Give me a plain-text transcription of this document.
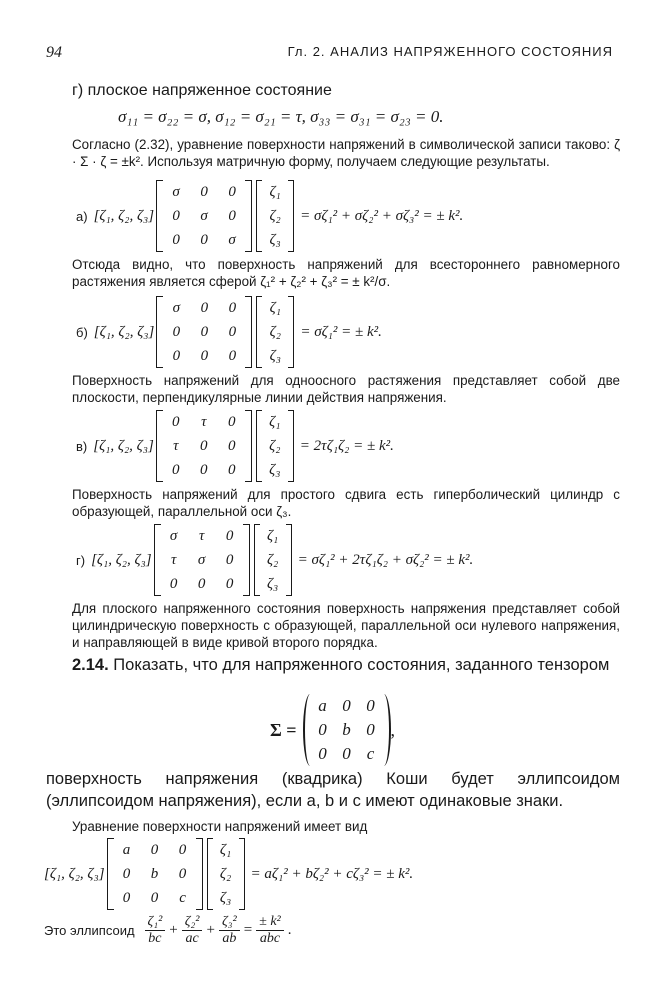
94	Гл. 2. АНАЛИЗ НАПРЯЖЕННОГО СОСТОЯНИЯ
г) плоское напряженное состояние
σ₁₁ = σ₂₂ = σ, σ₁₂ = σ₂₁ = τ, σ₃₃ = σ₃₁ = σ₂₃ = 0.
Согласно (2.32), уравнение поверхности напряжений в символической записи таково: ζ · Σ · ζ = ±k². Используя матричную форму, получаем следующие результаты.
а) [ζ₁, ζ₂, ζ₃]
σ	0	0
0	σ	0
0	0	σ
ζ₁
ζ₂
ζ₃
= σζ₁² + σζ₂² + σζ₃² = ± k².
Отсюда видно, что поверхность напряжений для всестороннего равномерного растяжения является сферой ζ₁² + ζ₂² + ζ₃² = ± k²/σ.
б) [ζ₁, ζ₂, ζ₃]
σ	0	0
0	0	0
0	0	0
ζ₁
ζ₂
ζ₃
= σζ₁² = ± k².
Поверхность напряжений для одноосного растяжения представляет собой две плоскости, перпендикулярные линии действия напряжения.
в) [ζ₁, ζ₂, ζ₃]
0	τ	0
τ	0	0
0	0	0
ζ₁
ζ₂
ζ₃
= 2τζ₁ζ₂ = ± k².
Поверхность напряжений для простого сдвига есть гиперболический цилиндр с образующей, параллельной оси ζ₃.
г) [ζ₁, ζ₂, ζ₃]
σ	τ	0
τ	σ	0
0	0	0
ζ₁
ζ₂
ζ₃
= σζ₁² + 2τζ₁ζ₂ + σζ₂² = ± k².
Для плоского напряженного состояния поверхность напряжения представляет собой цилиндрическую поверхность с образующей, параллельной оси нулевого напряжения, и направляющей в виде кривой второго порядка.
2.14. Показать, что для напряженного состояния, заданного тензором
Σ =
a 0 0
0 b 0
0 0 c
,
поверхность напряжения (квадрика) Коши будет эллипсоидом (эллипсоидом напряжения), если a, b и c имеют одинаковые знаки.
Уравнение поверхности напряжений имеет вид
[ζ₁, ζ₂, ζ₃]
a	0	0
0	b	0
0	0	c
ζ₁
ζ₂
ζ₃
= aζ₁² + bζ₂² + cζ₃² = ± k².
Это эллипсоид $\frac{\text{ζ₁²}}{bc} + \frac{\text{ζ₂²}}{ac} + \frac{\text{ζ₃²}}{ab} = \frac{\text{± k²}}{\text{abc}}$ .
